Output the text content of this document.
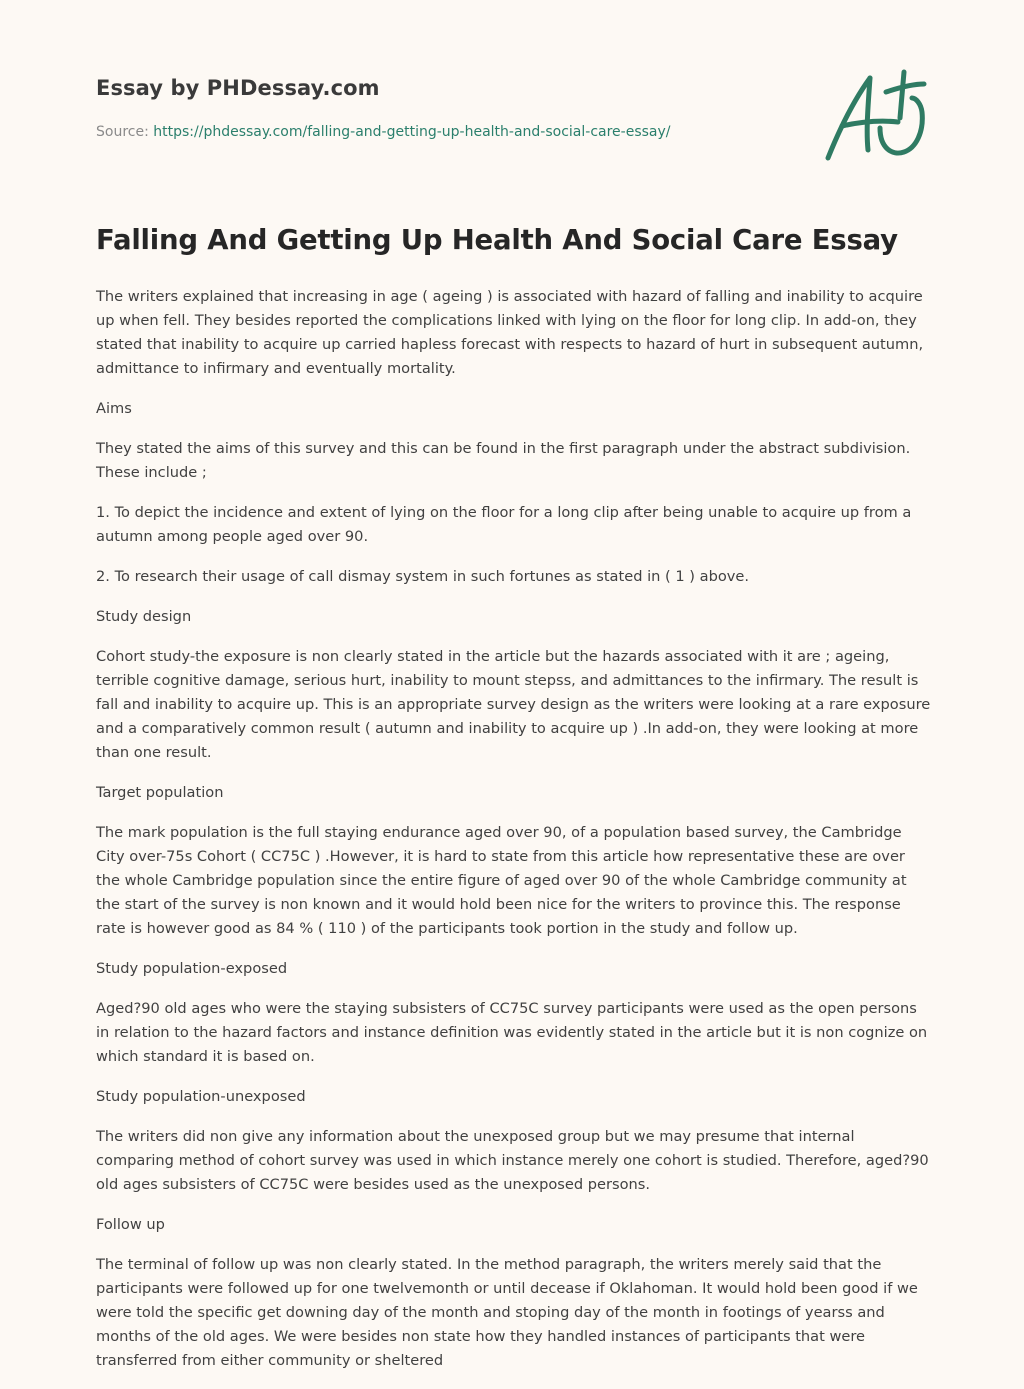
Essay by PHDessay.com

Source: https://phdessay.com/falling-and-getting-up-health-and-social-care-essay/

Falling And Getting Up Health And Social Care Essay

The writers explained that increasing in age ( ageing ) is associated with hazard of falling and inability to acquire up when fell. They besides reported the complications linked with lying on the floor for long clip. In add-on, they stated that inability to acquire up carried hapless forecast with respects to hazard of hurt in subsequent autumn, admittance to infirmary and eventually mortality.

Aims

They stated the aims of this survey and this can be found in the first paragraph under the abstract subdivision. These include ;

1. To depict the incidence and extent of lying on the floor for a long clip after being unable to acquire up from a autumn among people aged over 90.

2. To research their usage of call dismay system in such fortunes as stated in ( 1 ) above.

Study design

Cohort study-the exposure is non clearly stated in the article but the hazards associated with it are ; ageing, terrible cognitive damage, serious hurt, inability to mount stepss, and admittances to the infirmary. The result is fall and inability to acquire up. This is an appropriate survey design as the writers were looking at a rare exposure and a comparatively common result ( autumn and inability to acquire up ) .In add-on, they were looking at more than one result.

Target population

The mark population is the full staying endurance aged over 90, of a population based survey, the Cambridge City over-75s Cohort ( CC75C ) .However, it is hard to state from this article how representative these are over the whole Cambridge population since the entire figure of aged over 90 of the whole Cambridge community at the start of the survey is non known and it would hold been nice for the writers to province this. The response rate is however good as 84 % ( 110 ) of the participants took portion in the study and follow up.

Study population-exposed

Aged?90 old ages who were the staying subsisters of CC75C survey participants were used as the open persons in relation to the hazard factors and instance definition was evidently stated in the article but it is non cognize on which standard it is based on.

Study population-unexposed

The writers did non give any information about the unexposed group but we may presume that internal comparing method of cohort survey was used in which instance merely one cohort is studied. Therefore, aged?90 old ages subsisters of CC75C were besides used as the unexposed persons.

Follow up

The terminal of follow up was non clearly stated. In the method paragraph, the writers merely said that the participants were followed up for one twelvemonth or until decease if Oklahoman. It would hold been good if we were told the specific get downing day of the month and stoping day of the month in footings of yearss and months of the old ages. We were besides non state how they handled instances of participants that were transferred from either community or sheltered
